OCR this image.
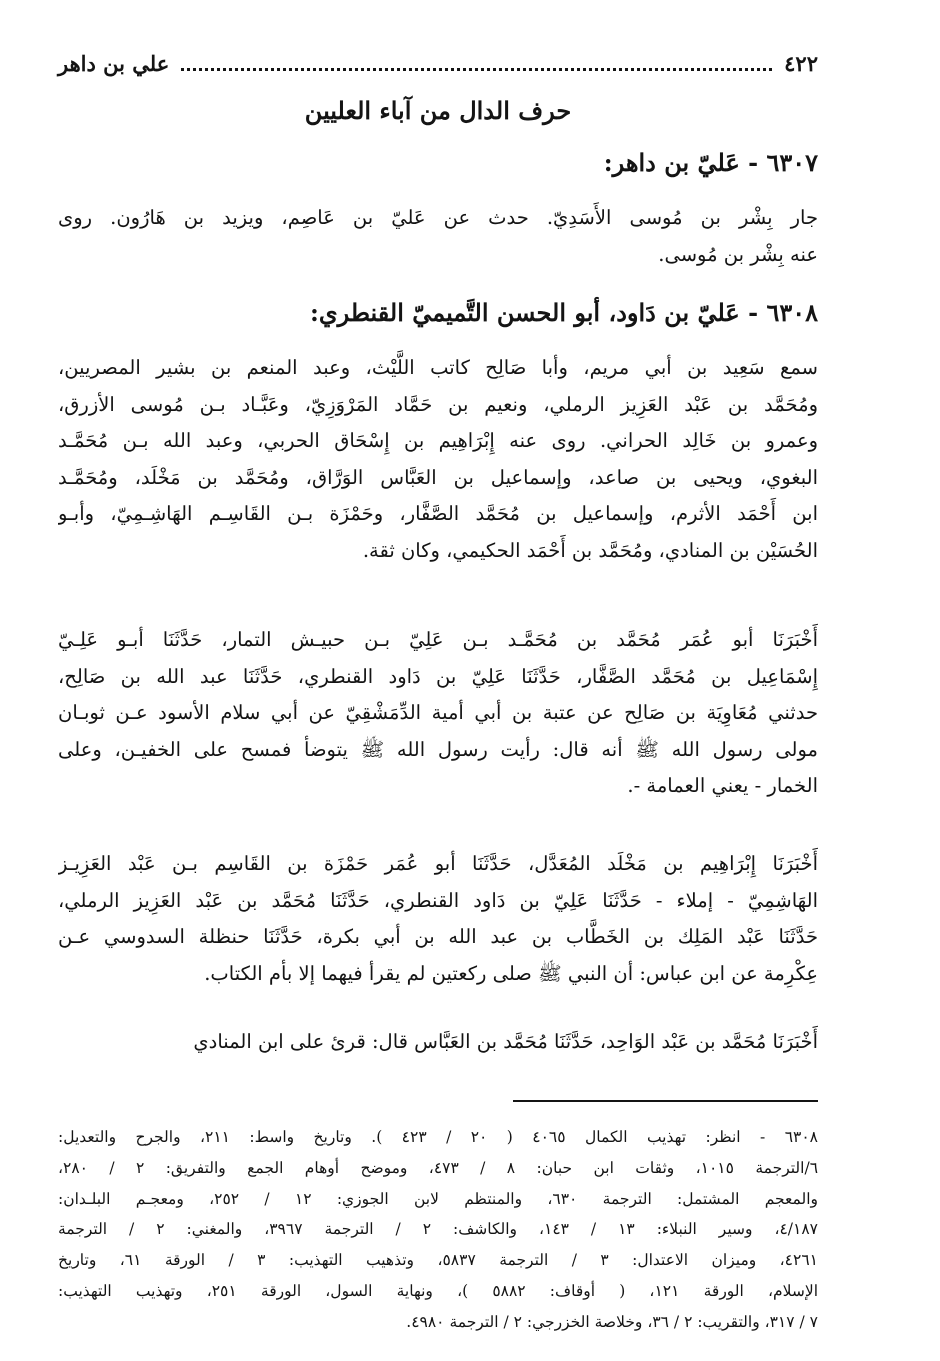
٤٢٢
علي بن داهر
حرف الدال من آباء العليين
٦٣٠٧ - عَليّ بن داهر:
جار بِشْر بن مُوسى الأَسَدِيّ. حدث عن عَليّ بن عَاصِم، ويزيد بن هَارُون. روى
عنه بِشْر بن مُوسى.
٦٣٠٨ - عَليّ بن دَاود، أبو الحسن التَّميميّ القنطري:
سمع سَعِيد بن أبي مريم، وأبا صَالِح كاتب اللَّيْث، وعبد المنعم بن بشير المصريين،
ومُحَمَّد بن عَبْد العَزِيز الرملي، ونعيم بن حَمَّاد المَرْوَزِيّ، وعَبَّـاد بـن مُوسى الأزرق،
وعمرو بن خَالِد الحراني. روى عنه إِبْرَاهِيم بن إِسْحَاق الحربي، وعبد الله بـن مُحَمَّـد
البغوي، ويحيى بن صاعد، وإسماعيل بن العَبَّاس الوَرَّاق، ومُحَمَّد بن مَخْلَد، ومُحَمَّـد
ابن أَحْمَد الأثرم، وإسماعيل بن مُحَمَّد الصَّفَّار، وحَمْزَة بـن القَاسِـم الهَاشِـمِيّ، وأبـو
الحُسَيْن بن المنادي، ومُحَمَّد بن أَحْمَد الحكيمي، وكان ثقة.
أَخْبَرَنَا أبو عُمَر مُحَمَّد بن مُحَمَّـد بـن عَلِيّ بـن حبيـش التمار، حَدَّثَنَا أبـو عَلِـيّ
إِسْمَاعِيل بن مُحَمَّد الصَّفَّار، حَدَّثَنَا عَلِيّ بن دَاود القنطري، حَدَّثَنَا عبد الله بن صَالِح،
حدثني مُعَاوِيَة بن صَالِح عن عتبة بن أبي أمية الدِّمَشْقِيّ عن أبي سلام الأسود عـن ثوبـان
مولى رسول الله ﷺ أنه قال: رأيت رسول الله ﷺ يتوضأ فمسح على الخفيـن، وعلى
الخمار - يعني العمامة -.
أَخْبَرَنَا إِبْرَاهِيم بن مَخْلَد المُعَدَّل، حَدَّثَنَا أبو عُمَر حَمْزَة بن القَاسِم بـن عَبْد العَزِيـز
الهَاشِمِيّ - إملاء - حَدَّثَنَا عَلِيّ بن دَاود القنطري، حَدَّثَنَا مُحَمَّد بن عَبْد العَزِيز الرملي،
حَدَّثَنَا عَبْد المَلِك بن الخَطَّاب بن عبد الله بن أبي بكرة، حَدَّثَنَا حنظلة السدوسي عـن
عِكْرِمة عن ابن عباس: أن النبي ﷺ صلى ركعتين لم يقرأ فيهما إلا بأم الكتاب.
أَخْبَرَنَا مُحَمَّد بن عَبْد الوَاحِد، حَدَّثَنَا مُحَمَّد بن العَبَّاس قال: قرئ على ابن المنادي
٦٣٠٨ - انظر: تهذيب الكمال ٤٠٦٥ ( ٢٠ / ٤٢٣ ). وتاريخ واسط: ٢١١، والجرح والتعديل:
٦/الترجمة ١٠١٥، وثقات ابن حبان: ٨ / ٤٧٣، وموضح أوهام الجمع والتفريق: ٢ / ٢٨٠،
والمعجم المشتمل: الترجمة ٦٣٠، والمنتظم لابن الجوزي: ١٢ / ٢٥٢، ومعجـم البلـدان:
٤/١٨٧، وسير النبلاء: ١٣ / ١٤٣، والكاشف: ٢ / الترجمة ٣٩٦٧، والمغني: ٢ / الترجمة
٤٢٦١، وميزان الاعتدال: ٣ / الترجمة ٥٨٣٧، وتذهيب التهذيب: ٣ / الورقة ٦١، وتاريخ
الإسلام، الورقة ١٢١، ( أوقاف: ٥٨٨٢ )، ونهاية السول، الورقة ٢٥١، وتهذيب التهذيب:
٧ / ٣١٧، والتقريب: ٢ / ٣٦، وخلاصة الخزرجي: ٢ / الترجمة ٤٩٨٠.
